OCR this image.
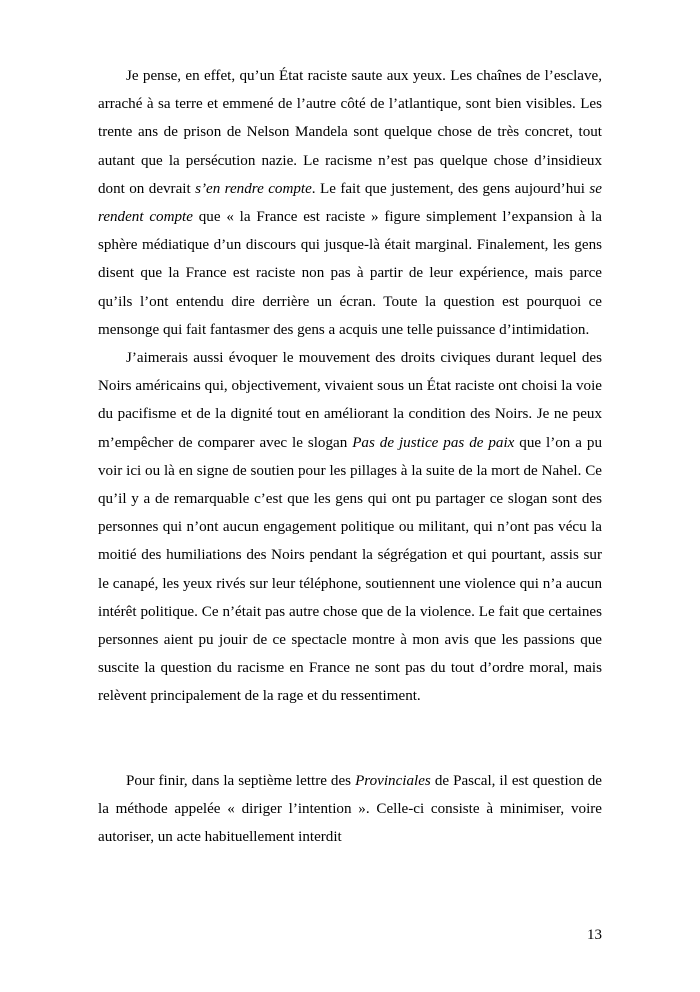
Je pense, en effet, qu’un État raciste saute aux yeux. Les chaînes de l’esclave, arraché à sa terre et emmené de l’autre côté de l’atlantique, sont bien visibles. Les trente ans de prison de Nelson Mandela sont quelque chose de très concret, tout autant que la persécution nazie. Le racisme n’est pas quelque chose d’insidieux dont on devrait s’en rendre compte. Le fait que justement, des gens aujourd’hui se rendent compte que « la France est raciste » figure simplement l’expansion à la sphère médiatique d’un discours qui jusque-là était marginal. Finalement, les gens disent que la France est raciste non pas à partir de leur expérience, mais parce qu’ils l’ont entendu dire derrière un écran. Toute la question est pourquoi ce mensonge qui fait fantasmer des gens a acquis une telle puissance d’intimidation.

J’aimerais aussi évoquer le mouvement des droits civiques durant lequel des Noirs américains qui, objectivement, vivaient sous un État raciste ont choisi la voie du pacifisme et de la dignité tout en améliorant la condition des Noirs. Je ne peux m’empêcher de comparer avec le slogan Pas de justice pas de paix que l’on a pu voir ici ou là en signe de soutien pour les pillages à la suite de la mort de Nahel. Ce qu’il y a de remarquable c’est que les gens qui ont pu partager ce slogan sont des personnes qui n’ont aucun engagement politique ou militant, qui n’ont pas vécu la moitié des humiliations des Noirs pendant la ségrégation et qui pourtant, assis sur le canapé, les yeux rivés sur leur téléphone, soutiennent une violence qui n’a aucun intérêt politique. Ce n’était pas autre chose que de la violence. Le fait que certaines personnes aient pu jouir de ce spectacle montre à mon avis que les passions que suscite la question du racisme en France ne sont pas du tout d’ordre moral, mais relèvent principalement de la rage et du ressentiment.

Pour finir, dans la septième lettre des Provinciales de Pascal, il est question de la méthode appelée « diriger l’intention ». Celle-ci consiste à minimiser, voire autoriser, un acte habituellement interdit

13
